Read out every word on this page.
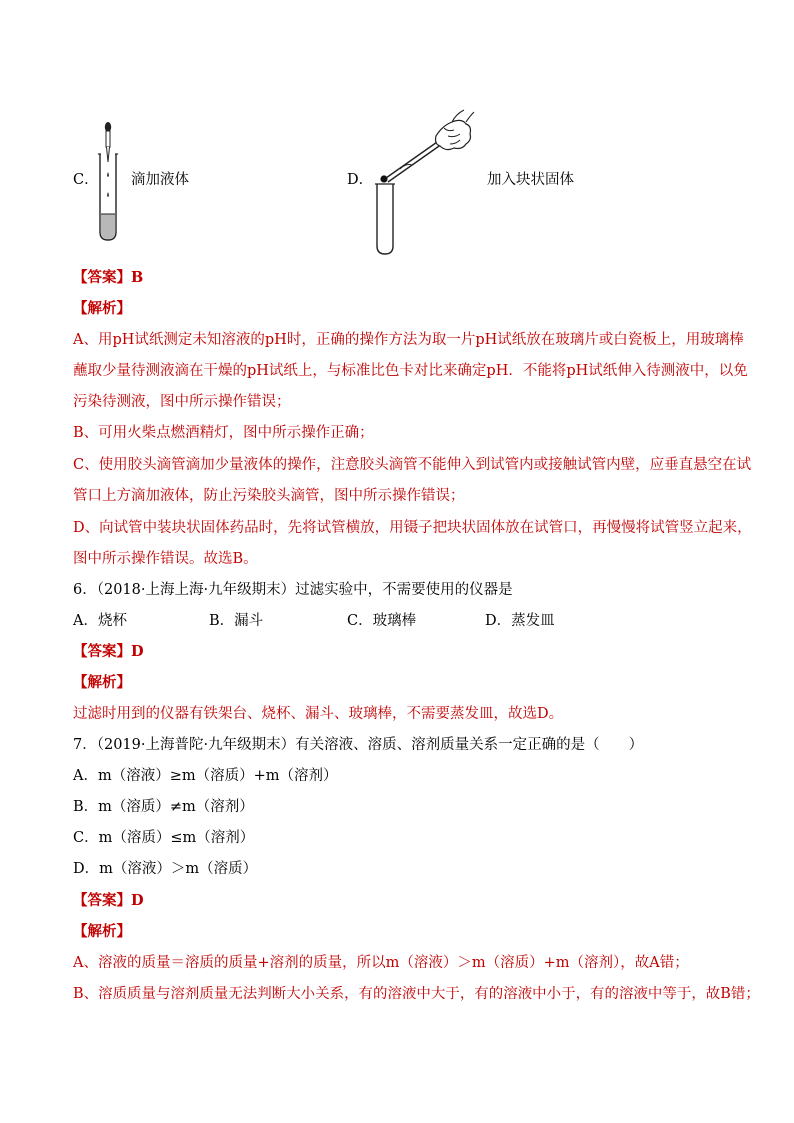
C． 滴加液体	D．	加入块状固体
【答案】B
【解析】
A、用pH试纸测定未知溶液的pH时，正确的操作方法为取一片pH试纸放在玻璃片或白瓷板上，用玻璃棒
蘸取少量待测液滴在干燥的pH试纸上，与标准比色卡对比来确定pH．不能将pH试纸伸入待测液中，以免
污染待测液，图中所示操作错误；
B、可用火柴点燃酒精灯，图中所示操作正确；
C、使用胶头滴管滴加少量液体的操作，注意胶头滴管不能伸入到试管内或接触试管内壁，应垂直悬空在试
管口上方滴加液体，防止污染胶头滴管，图中所示操作错误；
D、向试管中装块状固体药品时，先将试管横放，用镊子把块状固体放在试管口，再慢慢将试管竖立起来，
图中所示操作错误。故选B。
6．（2018·上海上海·九年级期末）过滤实验中，不需要使用的仪器是
A．烧杯	B．漏斗	C．玻璃棒	D．蒸发皿
【答案】D
【解析】
过滤时用到的仪器有铁架台、烧杯、漏斗、玻璃棒，不需要蒸发皿，故选D。
7．（2019·上海普陀·九年级期末）有关溶液、溶质、溶剂质量关系一定正确的是（　　）
A．m（溶液）≥m（溶质）+m（溶剂）
B．m（溶质）≠m（溶剂）
C．m（溶质）≤m（溶剂）
D．m（溶液）＞m（溶质）
【答案】D
【解析】
A、溶液的质量＝溶质的质量+溶剂的质量，所以m（溶液）＞m（溶质）+m（溶剂），故A错；
B、溶质质量与溶剂质量无法判断大小关系，有的溶液中大于，有的溶液中小于，有的溶液中等于，故B错；
